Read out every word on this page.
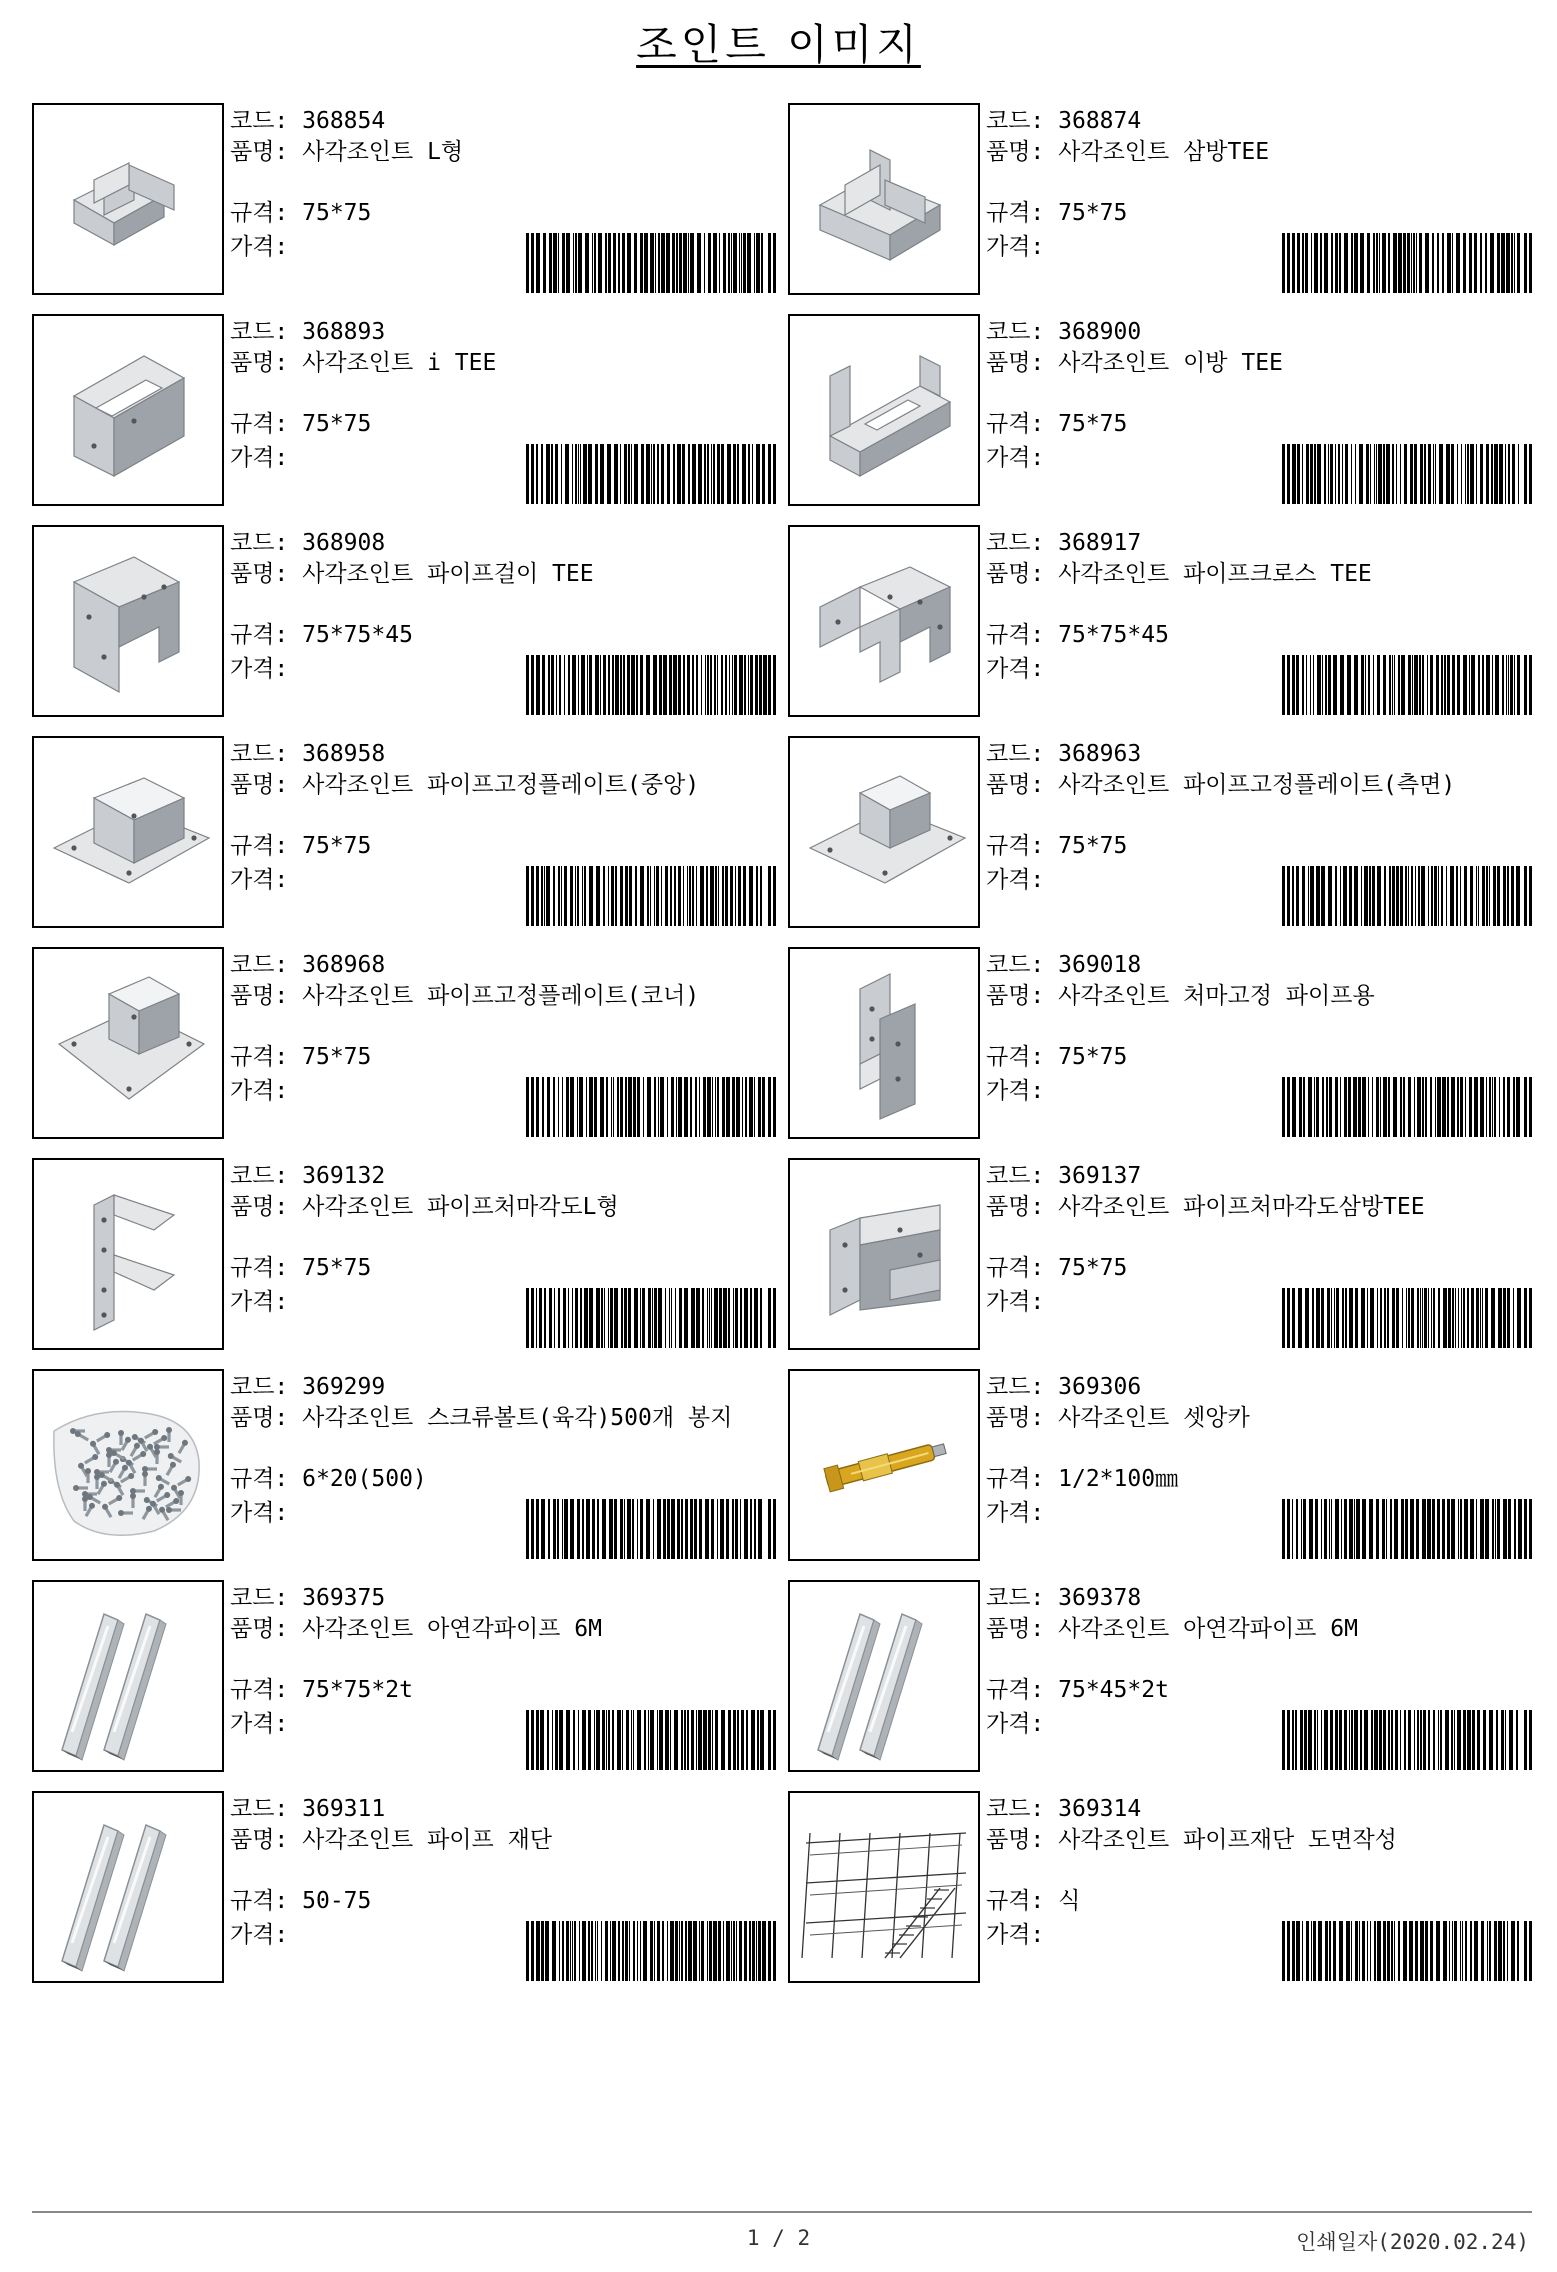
조인트 이미지
코드: 368854
품명: 사각조인트 L형
규격: 75*75
가격:
코드: 368874
품명: 사각조인트 삼방TEE
규격: 75*75
가격:
코드: 368893
품명: 사각조인트 i TEE
규격: 75*75
가격:
코드: 368900
품명: 사각조인트 이방 TEE
규격: 75*75
가격:
코드: 368908
품명: 사각조인트 파이프걸이 TEE
규격: 75*75*45
가격:
코드: 368917
품명: 사각조인트 파이프크로스 TEE
규격: 75*75*45
가격:
코드: 368958
품명: 사각조인트 파이프고정플레이트(중앙)
규격: 75*75
가격:
코드: 368963
품명: 사각조인트 파이프고정플레이트(측면)
규격: 75*75
가격:
코드: 368968
품명: 사각조인트 파이프고정플레이트(코너)
규격: 75*75
가격:
코드: 369018
품명: 사각조인트 처마고정 파이프용
규격: 75*75
가격:
코드: 369132
품명: 사각조인트 파이프처마각도L형
규격: 75*75
가격:
코드: 369137
품명: 사각조인트 파이프처마각도삼방TEE
규격: 75*75
가격:
코드: 369299
품명: 사각조인트 스크류볼트(육각)500개 봉지
규격: 6*20(500)
가격:
코드: 369306
품명: 사각조인트 셋앙카
규격: 1/2*100㎜
가격:
코드: 369375
품명: 사각조인트 아연각파이프 6M
규격: 75*75*2t
가격:
코드: 369378
품명: 사각조인트 아연각파이프 6M
규격: 75*45*2t
가격:
코드: 369311
품명: 사각조인트 파이프 재단
규격: 50-75
가격:
코드: 369314
품명: 사각조인트 파이프재단 도면작성
규격: 식
가격:
1 / 2	인쇄일자(2020.02.24)
